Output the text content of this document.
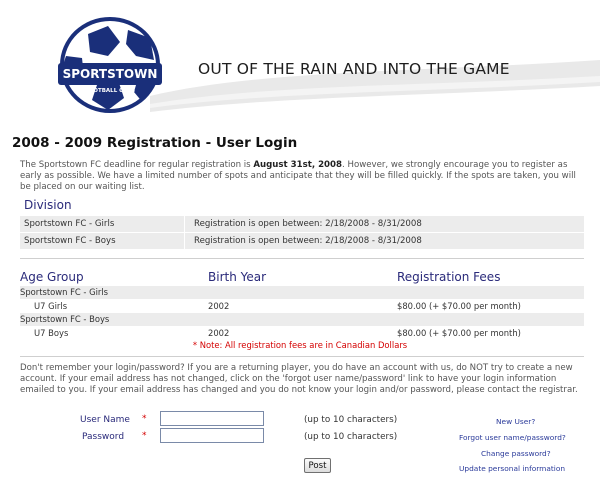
SPORTSTOWN
FOOTBALL CLUB
OUT OF THE RAIN AND INTO THE GAME
2008 - 2009 Registration - User Login
The Sportstown FC deadline for regular registration is August 31st, 2008. However, we strongly encourage you to register as early as possible. We have a limited number of spots and anticipate that they will be filled quickly. If the spots are taken, you will be placed on our waiting list.
Division
Sportstown FC - Girls	Registration is open between: 2/18/2008 - 8/31/2008
Sportstown FC - Boys	Registration is open between: 2/18/2008 - 8/31/2008
Age Group	Birth Year	Registration Fees
Sportstown FC - Girls
U7 Girls	2002	$80.00 (+ $70.00 per month)
Sportstown FC - Boys
U7 Boys	2002	$80.00 (+ $70.00 per month)
* Note: All registration fees are in Canadian Dollars
Don't remember your login/password? If you are a returning player, you do have an account with us, do NOT try to create a new account. If your email address has not changed, click on the 'forgot user name/password' link to have your login information emailed to you. If your email address has changed and you do not know your login and/or password, please contact the registrar.
User Name *	(up to 10 characters)
Password *	(up to 10 characters)
New User?
Forgot user name/password?
Change password?
Update personal information
Post
